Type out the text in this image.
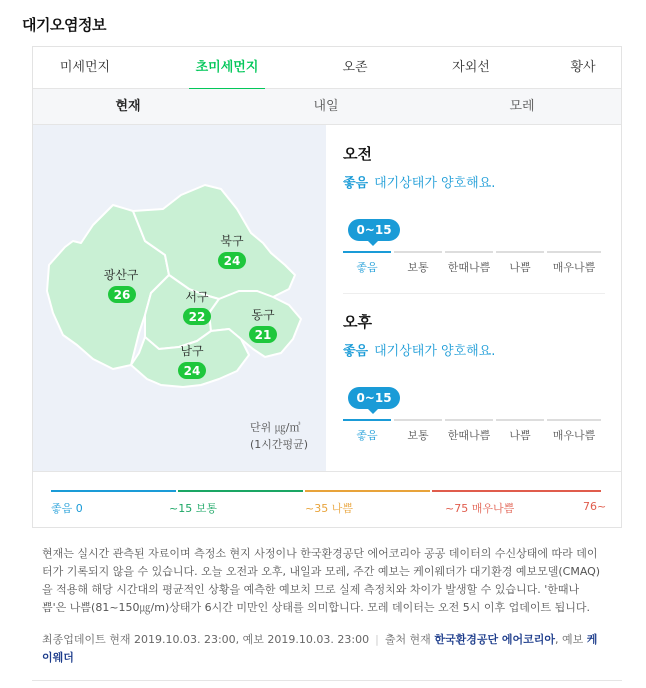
대기오염정보
미세먼지	초미세먼지	오존	자외선	황사
현재	내일	모레
광산구
26
북구
24
서구
22	동구
21
남구
24
단위 ㎍/㎥
(1시간평균)
오전
좋음 대기상태가 양호해요.
0~15
좋음	보통	한때나쁨	나쁨	매우나쁨
오후
좋음 대기상태가 양호해요.
0~15
좋음	보통	한때나쁨	나쁨	매우나쁨
좋음 0	~15 보통	~35 나쁨	~75 매우나쁨	76~
현재는 실시간 관측된 자료이며 측정소 현지 사정이나 한국환경공단 에어코리아 공공 데이터의 수신상태에 따라 데이터가 기록되지 않을 수 있습니다. 오늘 오전과 오후, 내일과 모레, 주간 예보는 케이웨더가 대기환경 예보모델(CMAQ)을 적용해 해당 시간대의 평균적인 상황을 예측한 예보치 므로 실제 측정치와 차이가 발생할 수 있습니다. '한때나쁨'은 나쁨(81~150㎍/m)상태가 6시간 미만인 상태를 의미합니다. 모레 데이터는 오전 5시 이후 업데이트 됩니다.
최종업데이트 현재 2019.10.03. 23:00, 예보 2019.10.03. 23:00 | 출처 현재 한국환경공단 에어코리아, 예보 케이웨더
